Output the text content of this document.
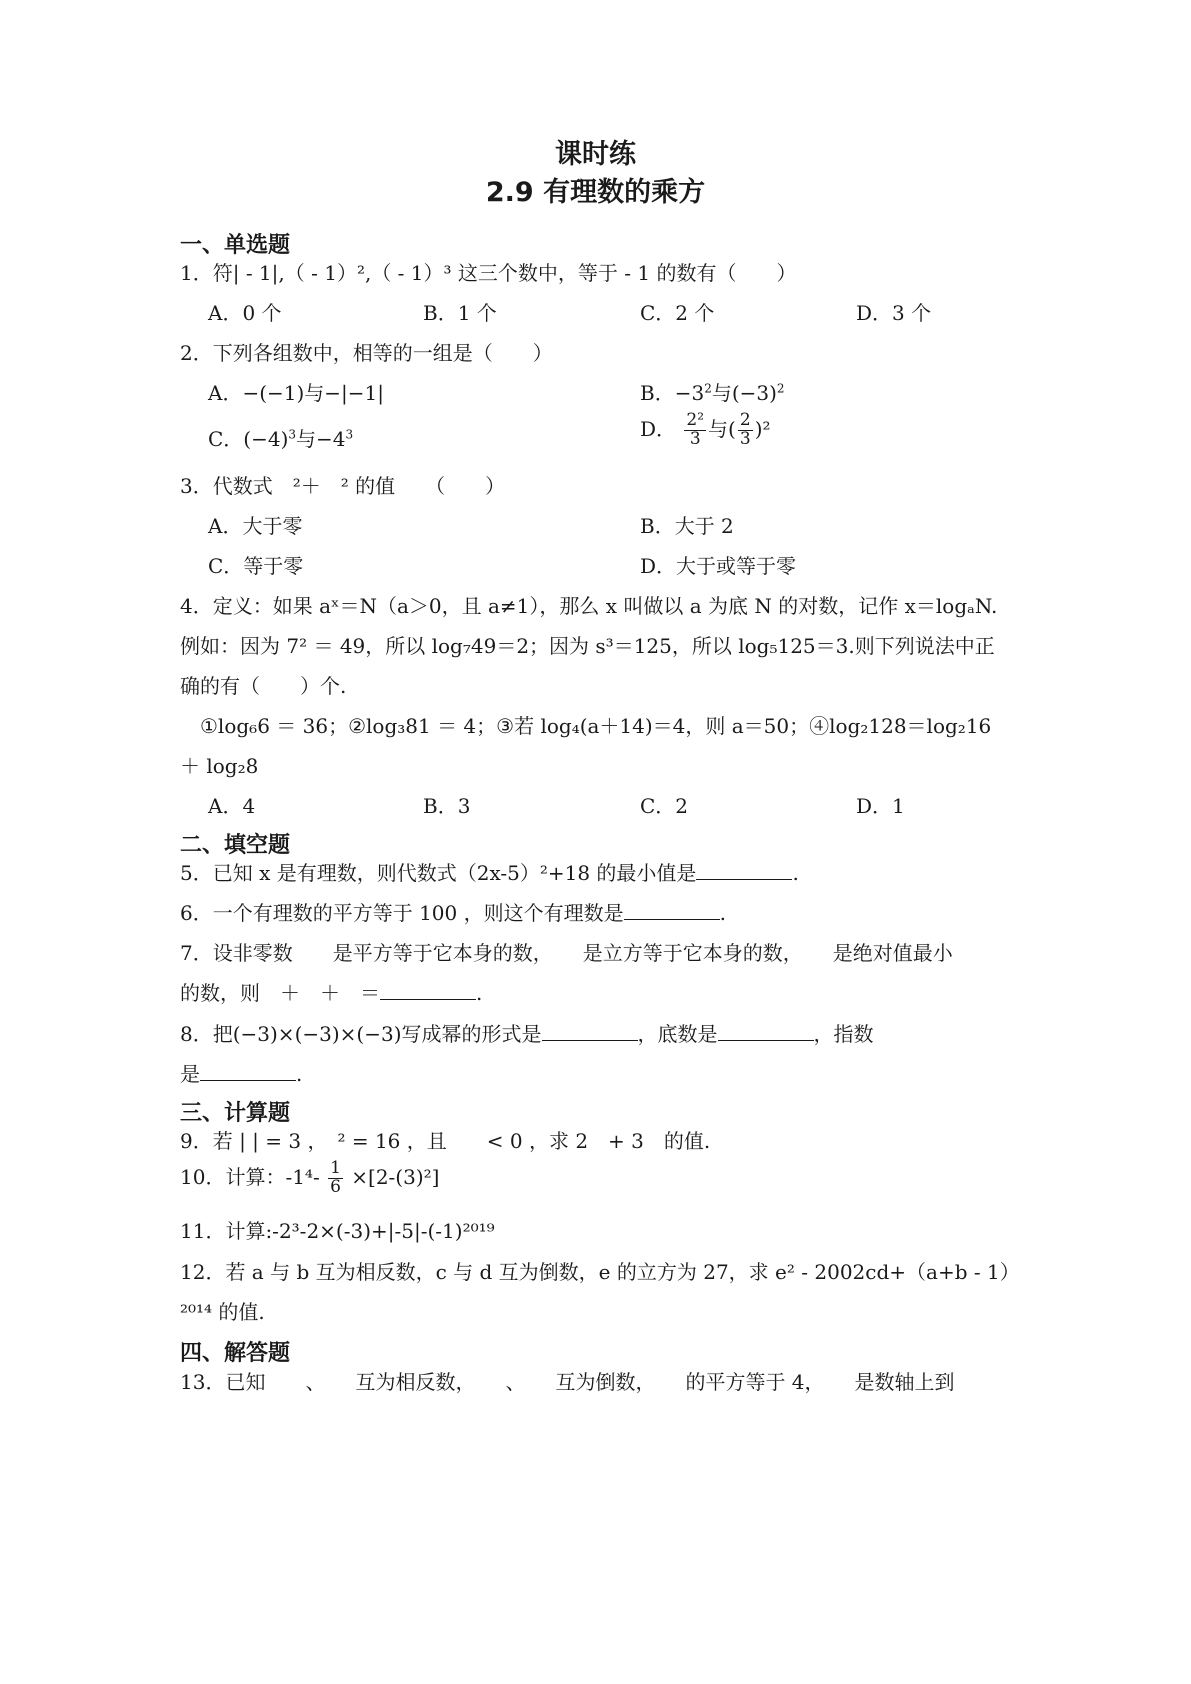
课时练
2.9 有理数的乘方
一、单选题
1．符| - 1|,（ - 1）²,（ - 1）³ 这三个数中，等于 - 1 的数有（　　）
A．0 个	B．1 个	C．2 个	D．3 个
2．下列各组数中，相等的一组是（　　）
A．−(−1)与−|−1|	B．$-3^2$与$(-3)^2$
C．$(-4)^3$与$-4^3$	D． $\frac{\text{2²}}{3}$ 与( $\frac{2}{3} )^2$
3．代数式　²＋　² 的值　　（　　）
A．大于零	B．大于 2
C．等于零	D．大于或等于零
4．定义：如果 aˣ＝N（a＞0，且 a≠1），那么 x 叫做以 a 为底 N 的对数，记作 x＝logₐN.
例如：因为 7² ＝ 49，所以 log₇49＝2；因为 s³＝125，所以 log₅125＝3.则下列说法中正
确的有（　　）个.
①log₆6 ＝ 36；②log₃81 ＝ 4；③若 log₄(a＋14)＝4，则 a＝50；④log₂128＝log₂16
＋ log₂8
A．4	B．3	C．2	D．1
二、填空题
5．已知 x 是有理数，则代数式（2x-5）²+18 的最小值是	.
6．一个有理数的平方等于 100 ，则这个有理数是	.
7．设非零数　　是平方等于它本身的数，　　是立方等于它本身的数，　　是绝对值最小
的数，则　＋　＋　＝	.
8．把(−3)×(−3)×(−3)写成幂的形式是	，底数是	，指数
是	.
三、计算题
9．若 | | = 3 ，　² = 16 ，且　　< 0 ，求 2　+ 3　的值.
10．计算：$-1^4- \frac{1}{6} \times[2-(3)^2]$
11．计算:-2³-2×(-3)+|-5|-(-1)²⁰¹⁹
12．若 a 与 b 互为相反数，c 与 d 互为倒数，e 的立方为 27，求 e² - 2002cd+（a+b - 1）
²⁰¹⁴ 的值.
四、解答题
13．已知　　、　　互为相反数，　　、　　互为倒数，　　的平方等于 4，　　是数轴上到
